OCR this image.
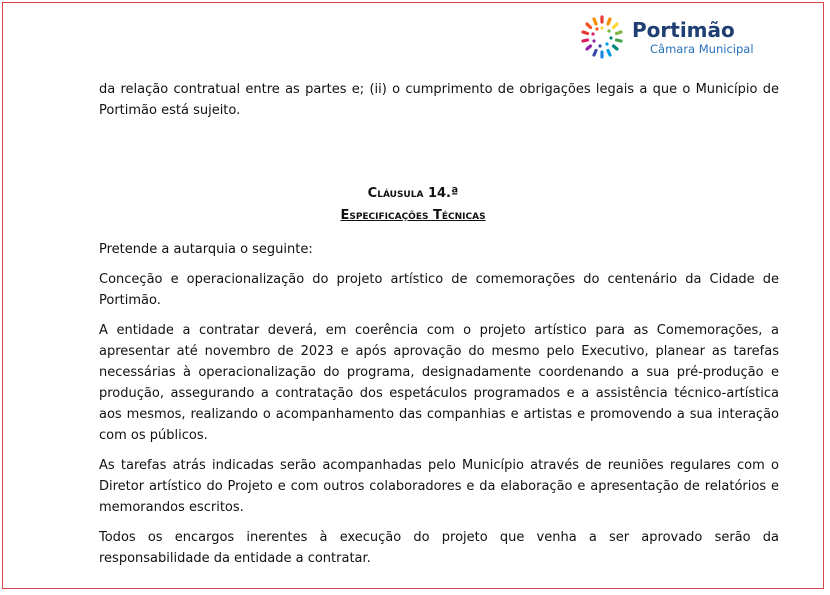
Portimão
Câmara Municipal

da relação contratual entre as partes e; (ii) o cumprimento de obrigações legais a que o Município de Portimão está sujeito.

Cláusula 14.ª
Especificações Técnicas

Pretende a autarquia o seguinte:

Conceção e operacionalização do projeto artístico de comemorações do centenário da Cidade de Portimão.

A entidade a contratar deverá, em coerência com o projeto artístico para as Comemorações, a apresentar até novembro de 2023 e após aprovação do mesmo pelo Executivo, planear as tarefas necessárias à operacionalização do programa, designadamente coordenando a sua pré-produção e produção, assegurando a contratação dos espetáculos programados e a assistência técnico-artística aos mesmos, realizando o acompanhamento das companhias e artistas e promovendo a sua interação com os públicos.

As tarefas atrás indicadas serão acompanhadas pelo Município através de reuniões regulares com o Diretor artístico do Projeto e com outros colaboradores e da elaboração e apresentação de relatórios e memorandos escritos.

Todos os encargos inerentes à execução do projeto que venha a ser aprovado serão da responsabilidade da entidade a contratar.
